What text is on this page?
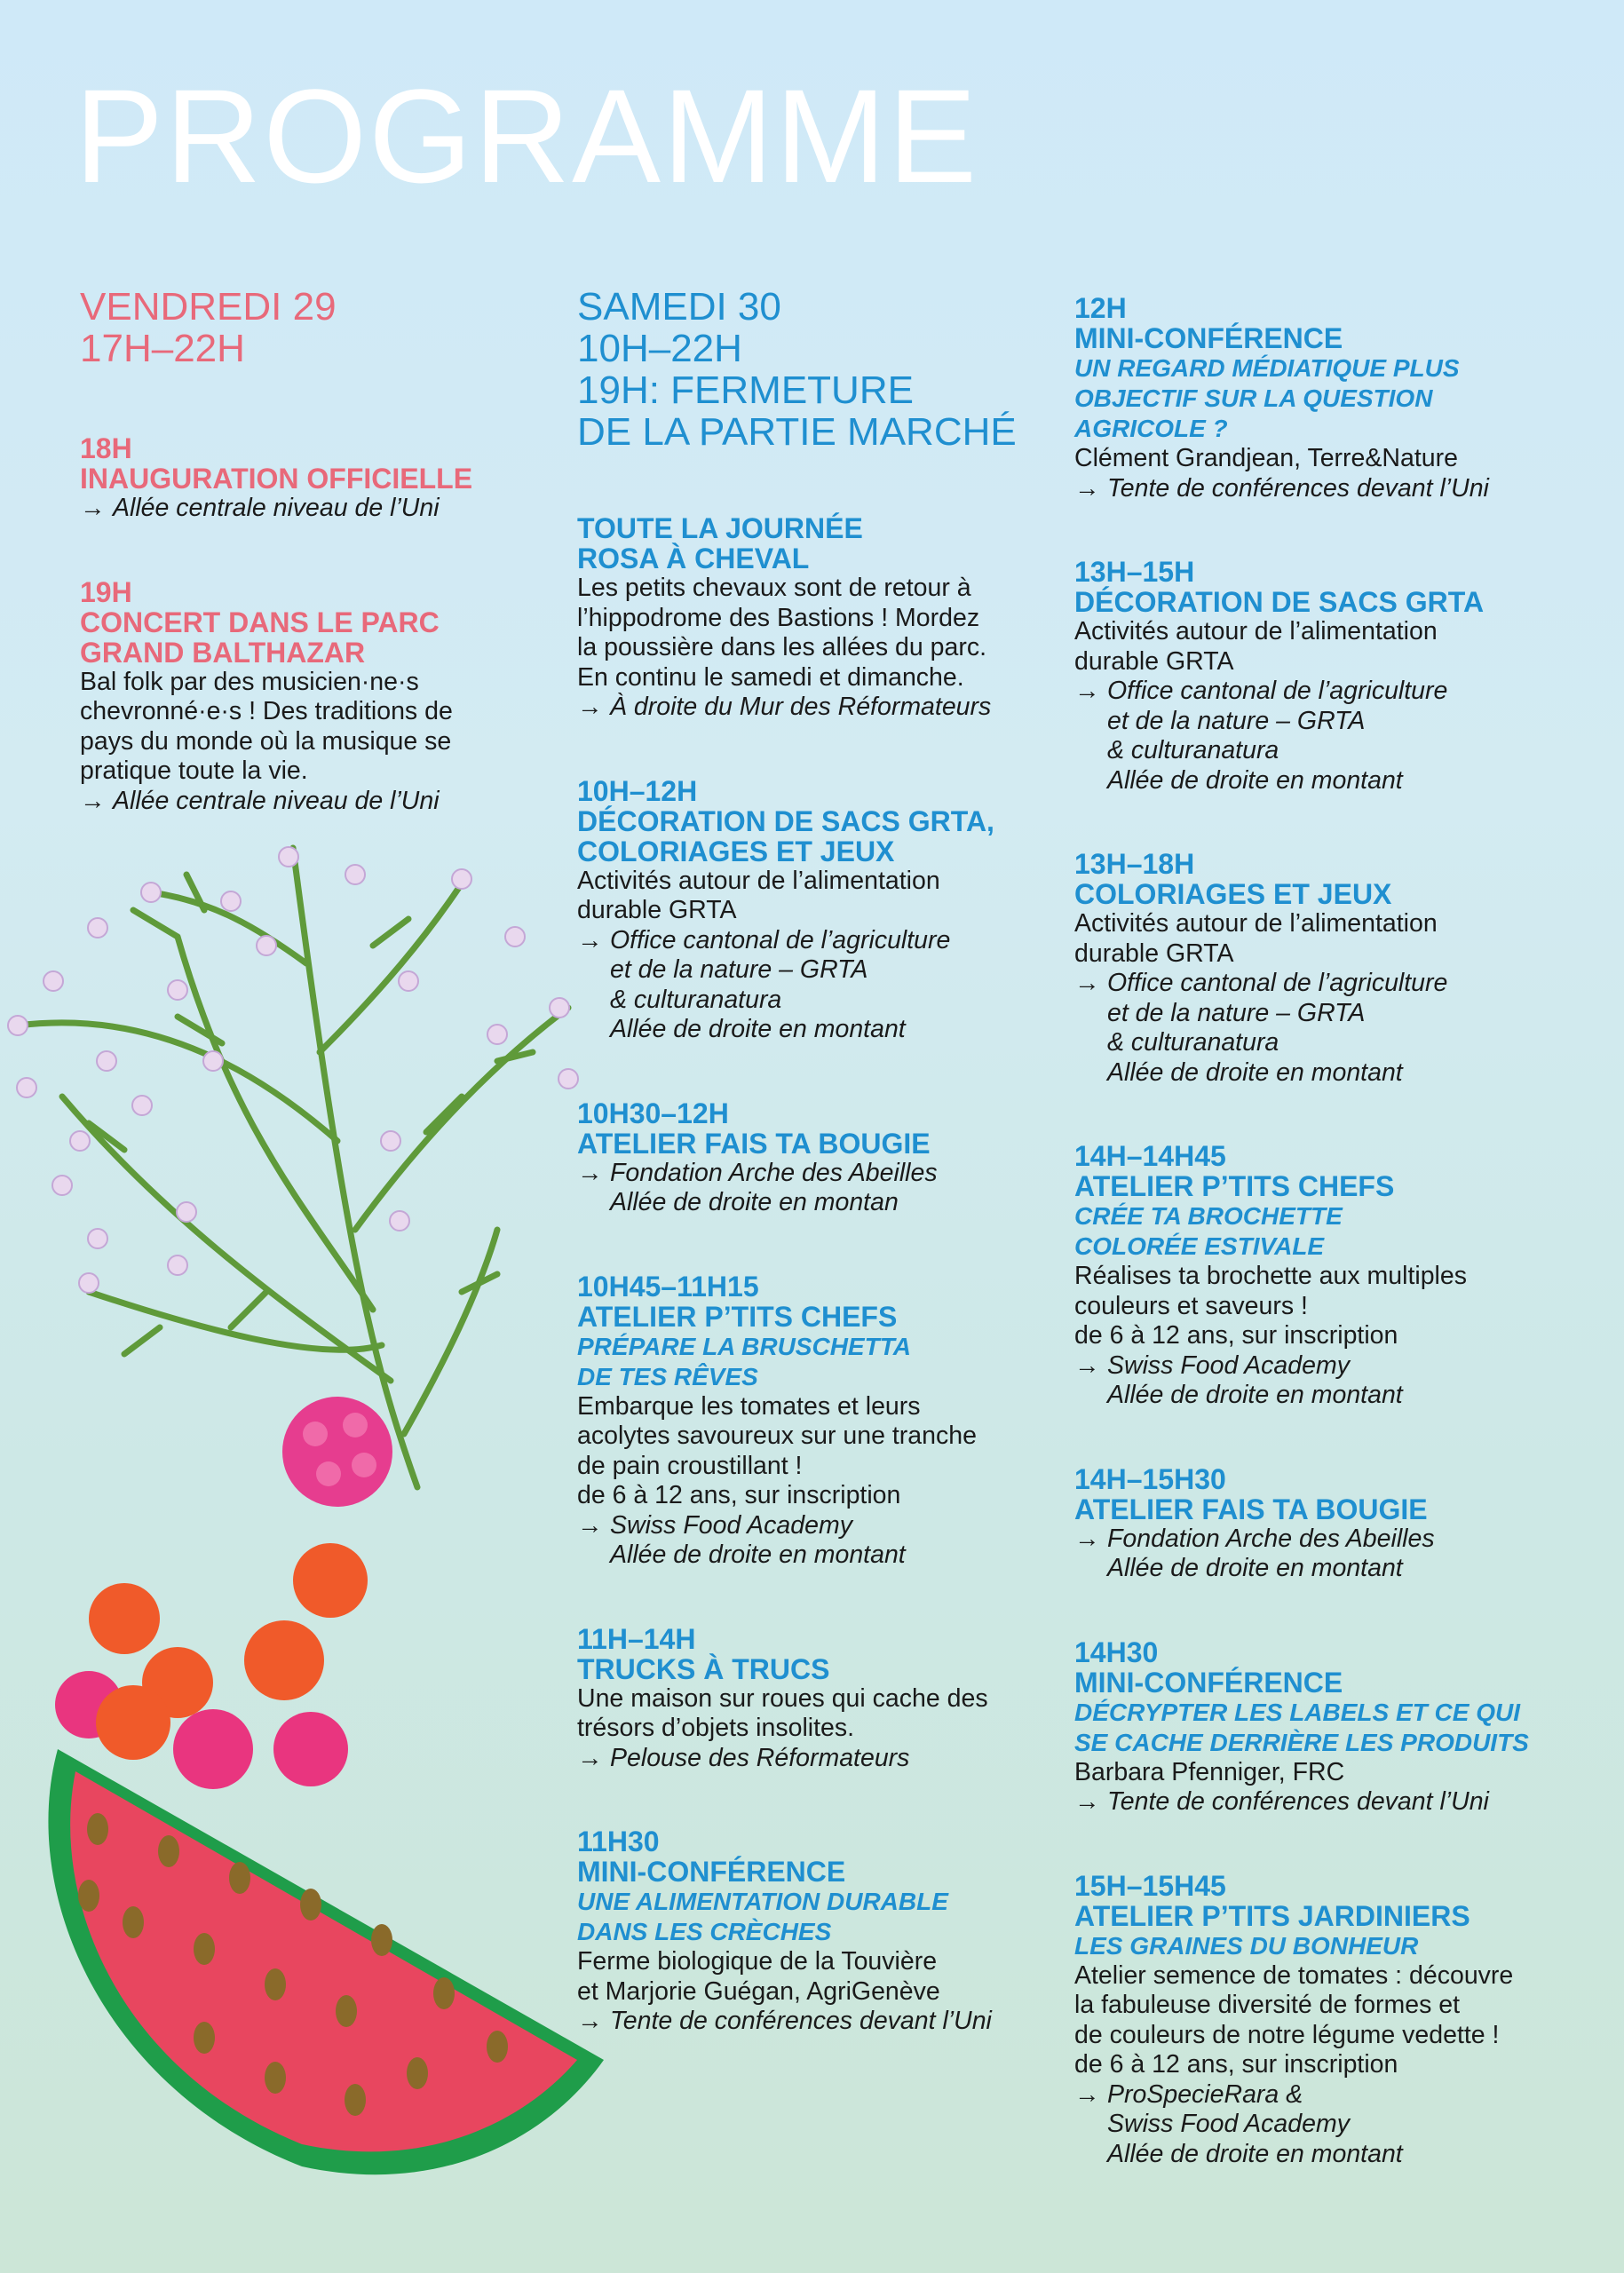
PROGRAMME
VENDREDI 29
17H–22H
18H
INAUGURATION OFFICIELLE
→ Allée centrale niveau de l’Uni
19H
CONCERT DANS LE PARC
GRAND BALTHAZAR
Bal folk par des musicien·ne·s
chevronné·e·s ! Des traditions de
pays du monde où la musique se
pratique toute la vie.
→ Allée centrale niveau de l’Uni
SAMEDI 30
10H–22H
19H: FERMETURE
DE LA PARTIE MARCHÉ
TOUTE LA JOURNÉE
ROSA À CHEVAL
Les petits chevaux sont de retour à
l’hippodrome des Bastions ! Mordez
la poussière dans les allées du parc.
En continu le samedi et dimanche.
→ À droite du Mur des Réformateurs
10H–12H
DÉCORATION DE SACS GRTA,
COLORIAGES ET JEUX
Activités autour de l’alimentation
durable GRTA
→ Office cantonal de l’agriculture
et de la nature – GRTA
& culturanatura
Allée de droite en montant
10H30–12H
ATELIER FAIS TA BOUGIE
→ Fondation Arche des Abeilles
Allée de droite en montan
10H45–11H15
ATELIER P’TITS CHEFS
PRÉPARE LA BRUSCHETTA
DE TES RÊVES
Embarque les tomates et leurs
acolytes savoureux sur une tranche
de pain croustillant !
de 6 à 12 ans, sur inscription
→ Swiss Food Academy
Allée de droite en montant
11H–14H
TRUCKS À TRUCS
Une maison sur roues qui cache des
trésors d’objets insolites.
→ Pelouse des Réformateurs
11H30
MINI-CONFÉRENCE
UNE ALIMENTATION DURABLE
DANS LES CRÈCHES
Ferme biologique de la Touvière
et Marjorie Guégan, AgriGenève
→ Tente de conférences devant l’Uni
12H
MINI-CONFÉRENCE
UN REGARD MÉDIATIQUE PLUS
OBJECTIF SUR LA QUESTION
AGRICOLE ?
Clément Grandjean, Terre&Nature
→ Tente de conférences devant l’Uni
13H–15H
DÉCORATION DE SACS GRTA
Activités autour de l’alimentation
durable GRTA
→ Office cantonal de l’agriculture
et de la nature – GRTA
& culturanatura
Allée de droite en montant
13H–18H
COLORIAGES ET JEUX
Activités autour de l’alimentation
durable GRTA
→ Office cantonal de l’agriculture
et de la nature – GRTA
& culturanatura
Allée de droite en montant
14H–14H45
ATELIER P’TITS CHEFS
CRÉE TA BROCHETTE
COLORÉE ESTIVALE
Réalises ta brochette aux multiples
couleurs et saveurs !
de 6 à 12 ans, sur inscription
→ Swiss Food Academy
Allée de droite en montant
14H–15H30
ATELIER FAIS TA BOUGIE
→ Fondation Arche des Abeilles
Allée de droite en montant
14H30
MINI-CONFÉRENCE
DÉCRYPTER LES LABELS ET CE QUI
SE CACHE DERRIÈRE LES PRODUITS
Barbara Pfenniger, FRC
→ Tente de conférences devant l’Uni
15H–15H45
ATELIER P’TITS JARDINIERS
LES GRAINES DU BONHEUR
Atelier semence de tomates : découvre
la fabuleuse diversité de formes et
de couleurs de notre légume vedette !
de 6 à 12 ans, sur inscription
→ ProSpecieRara &
Swiss Food Academy
Allée de droite en montant
